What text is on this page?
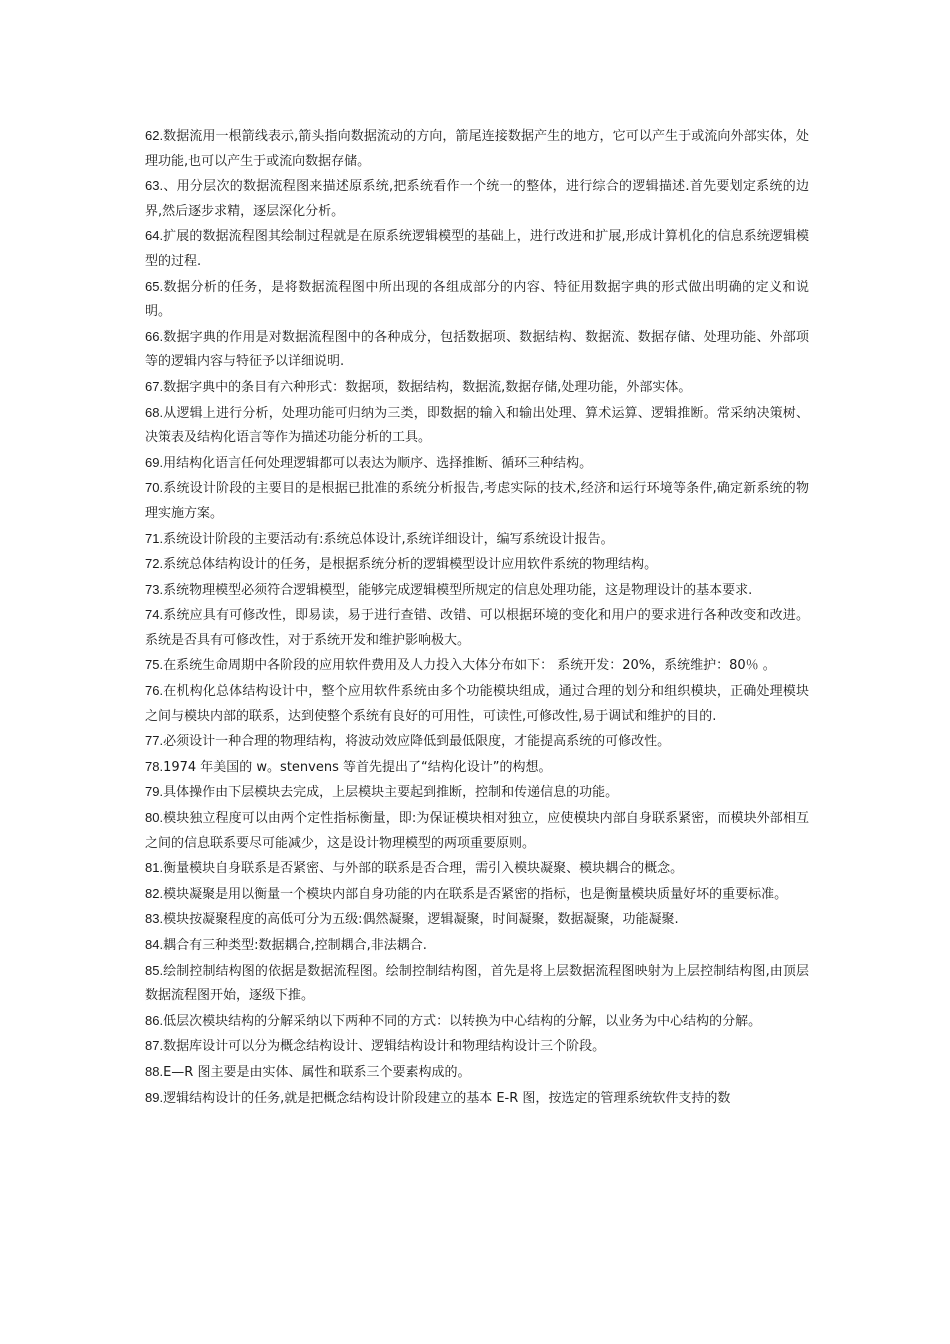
62.数据流用一根箭线表示,箭头指向数据流动的方向，箭尾连接数据产生的地方，它可以产生于或流向外部实体，处理功能,也可以产生于或流向数据存储。

63.、用分层次的数据流程图来描述原系统,把系统看作一个统一的整体，进行综合的逻辑描述.首先要划定系统的边界,然后逐步求精，逐层深化分析。

64.扩展的数据流程图其绘制过程就是在原系统逻辑模型的基础上，进行改进和扩展,形成计算机化的信息系统逻辑模型的过程.

65.数据分析的任务，是将数据流程图中所出现的各组成部分的内容、特征用数据字典的形式做出明确的定义和说明。

66.数据字典的作用是对数据流程图中的各种成分，包括数据项、数据结构、数据流、数据存储、处理功能、外部项等的逻辑内容与特征予以详细说明.

67.数据字典中的条目有六种形式：数据项，数据结构，数据流,数据存储,处理功能，外部实体。

68.从逻辑上进行分析，处理功能可归纳为三类，即数据的输入和输出处理、算术运算、逻辑推断。常采纳决策树、决策表及结构化语言等作为描述功能分析的工具。

69.用结构化语言任何处理逻辑都可以表达为顺序、选择推断、循环三种结构。

70.系统设计阶段的主要目的是根据已批准的系统分析报告,考虑实际的技术,经济和运行环境等条件,确定新系统的物理实施方案。

71.系统设计阶段的主要活动有:系统总体设计,系统详细设计，编写系统设计报告。

72.系统总体结构设计的任务，是根据系统分析的逻辑模型设计应用软件系统的物理结构。

73.系统物理模型必须符合逻辑模型，能够完成逻辑模型所规定的信息处理功能，这是物理设计的基本要求.

74.系统应具有可修改性，即易读，易于进行查错、改错、可以根据环境的变化和用户的要求进行各种改变和改进。系统是否具有可修改性，对于系统开发和维护影响极大。

75.在系统生命周期中各阶段的应用软件费用及人力投入大体分布如下： 系统开发：20%，系统维护：80％ 。

76.在机构化总体结构设计中，整个应用软件系统由多个功能模块组成，通过合理的划分和组织模块，正确处理模块之间与模块内部的联系，达到使整个系统有良好的可用性，可读性,可修改性,易于调试和维护的目的.

77.必须设计一种合理的物理结构，将波动效应降低到最低限度，才能提高系统的可修改性。

78.1974 年美国的 w。stenvens 等首先提出了“结构化设计”的构想。

79.具体操作由下层模块去完成，上层模块主要起到推断，控制和传递信息的功能。

80.模块独立程度可以由两个定性指标衡量，即:为保证模块相对独立，应使模块内部自身联系紧密，而模块外部相互之间的信息联系要尽可能减少，这是设计物理模型的两项重要原则。

81.衡量模块自身联系是否紧密、与外部的联系是否合理，需引入模块凝聚、模块耦合的概念。

82.模块凝聚是用以衡量一个模块内部自身功能的内在联系是否紧密的指标，也是衡量模块质量好坏的重要标准。

83.模块按凝聚程度的高低可分为五级:偶然凝聚，逻辑凝聚，时间凝聚，数据凝聚，功能凝聚.

84.耦合有三种类型:数据耦合,控制耦合,非法耦合.

85.绘制控制结构图的依据是数据流程图。绘制控制结构图，首先是将上层数据流程图映射为上层控制结构图,由顶层数据流程图开始，逐级下推。

86.低层次模块结构的分解采纳以下两种不同的方式：以转换为中心结构的分解，以业务为中心结构的分解。

87.数据库设计可以分为概念结构设计、逻辑结构设计和物理结构设计三个阶段。

88.E—R 图主要是由实体、属性和联系三个要素构成的。

89.逻辑结构设计的任务,就是把概念结构设计阶段建立的基本 E-R 图，按选定的管理系统软件支持的数
